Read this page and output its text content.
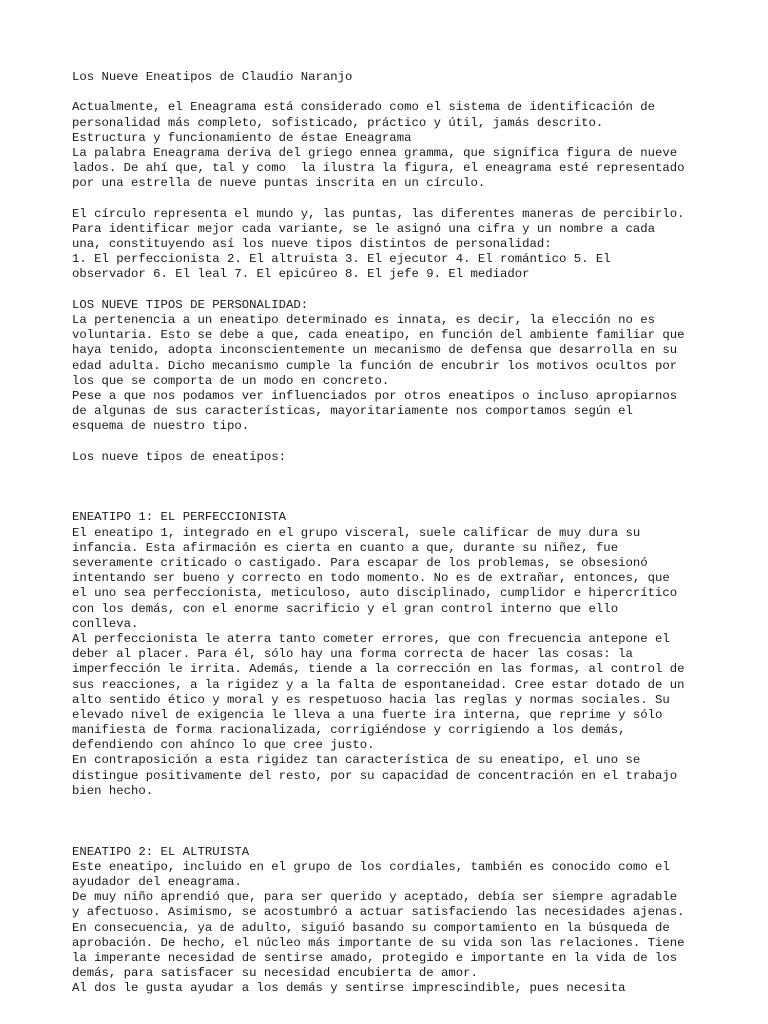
Los Nueve Eneatipos de Claudio Naranjo
Actualmente, el Eneagrama está considerado como el sistema de identificación de
personalidad más completo, sofisticado, práctico y útil, jamás descrito.
Estructura y funcionamiento de éstae Eneagrama
La palabra Eneagrama deriva del griego ennea gramma, que significa figura de nueve
lados. De ahí que, tal y como  la ilustra la figura, el eneagrama esté representado
por una estrella de nueve puntas inscrita en un círculo.
El círculo representa el mundo y, las puntas, las diferentes maneras de percibirlo.
Para identificar mejor cada variante, se le asignó una cifra y un nombre a cada
una, constituyendo así los nueve tipos distintos de personalidad:
1. El perfeccionista 2. El altruista 3. El ejecutor 4. El romántico 5. El
observador 6. El leal 7. El epicúreo 8. El jefe 9. El mediador
LOS NUEVE TIPOS DE PERSONALIDAD:
La pertenencia a un eneatipo determinado es innata, es decir, la elección no es
voluntaria. Esto se debe a que, cada eneatipo, en función del ambiente familiar que
haya tenido, adopta inconscientemente un mecanismo de defensa que desarrolla en su
edad adulta. Dicho mecanismo cumple la función de encubrir los motivos ocultos por
los que se comporta de un modo en concreto.
Pese a que nos podamos ver influenciados por otros eneatipos o incluso apropiarnos
de algunas de sus características, mayoritariamente nos comportamos según el
esquema de nuestro tipo.
Los nueve tipos de eneatipos:
ENEATIPO 1: EL PERFECCIONISTA
El eneatipo 1, integrado en el grupo visceral, suele calificar de muy dura su
infancia. Esta afirmación es cierta en cuanto a que, durante su niñez, fue
severamente criticado o castigado. Para escapar de los problemas, se obsesionó
intentando ser bueno y correcto en todo momento. No es de extrañar, entonces, que
el uno sea perfeccionista, meticuloso, auto disciplinado, cumplidor e hipercrítico
con los demás, con el enorme sacrificio y el gran control interno que ello
conlleva.
Al perfeccionista le aterra tanto cometer errores, que con frecuencia antepone el
deber al placer. Para él, sólo hay una forma correcta de hacer las cosas: la
imperfección le irrita. Además, tiende a la corrección en las formas, al control de
sus reacciones, a la rigidez y a la falta de espontaneidad. Cree estar dotado de un
alto sentido ético y moral y es respetuoso hacia las reglas y normas sociales. Su
elevado nivel de exigencia le lleva a una fuerte ira interna, que reprime y sólo
manifiesta de forma racionalizada, corrigiéndose y corrigiendo a los demás,
defendiendo con ahínco lo que cree justo.
En contraposición a esta rigidez tan característica de su eneatipo, el uno se
distingue positivamente del resto, por su capacidad de concentración en el trabajo
bien hecho.
ENEATIPO 2: EL ALTRUISTA
Este eneatipo, incluido en el grupo de los cordiales, también es conocido como el
ayudador del eneagrama.
De muy niño aprendió que, para ser querido y aceptado, debía ser siempre agradable
y afectuoso. Asimismo, se acostumbró a actuar satisfaciendo las necesidades ajenas.
En consecuencia, ya de adulto, siguió basando su comportamiento en la búsqueda de
aprobación. De hecho, el núcleo más importante de su vida son las relaciones. Tiene
la imperante necesidad de sentirse amado, protegido e importante en la vida de los
demás, para satisfacer su necesidad encubierta de amor.
Al dos le gusta ayudar a los demás y sentirse imprescindible, pues necesita
